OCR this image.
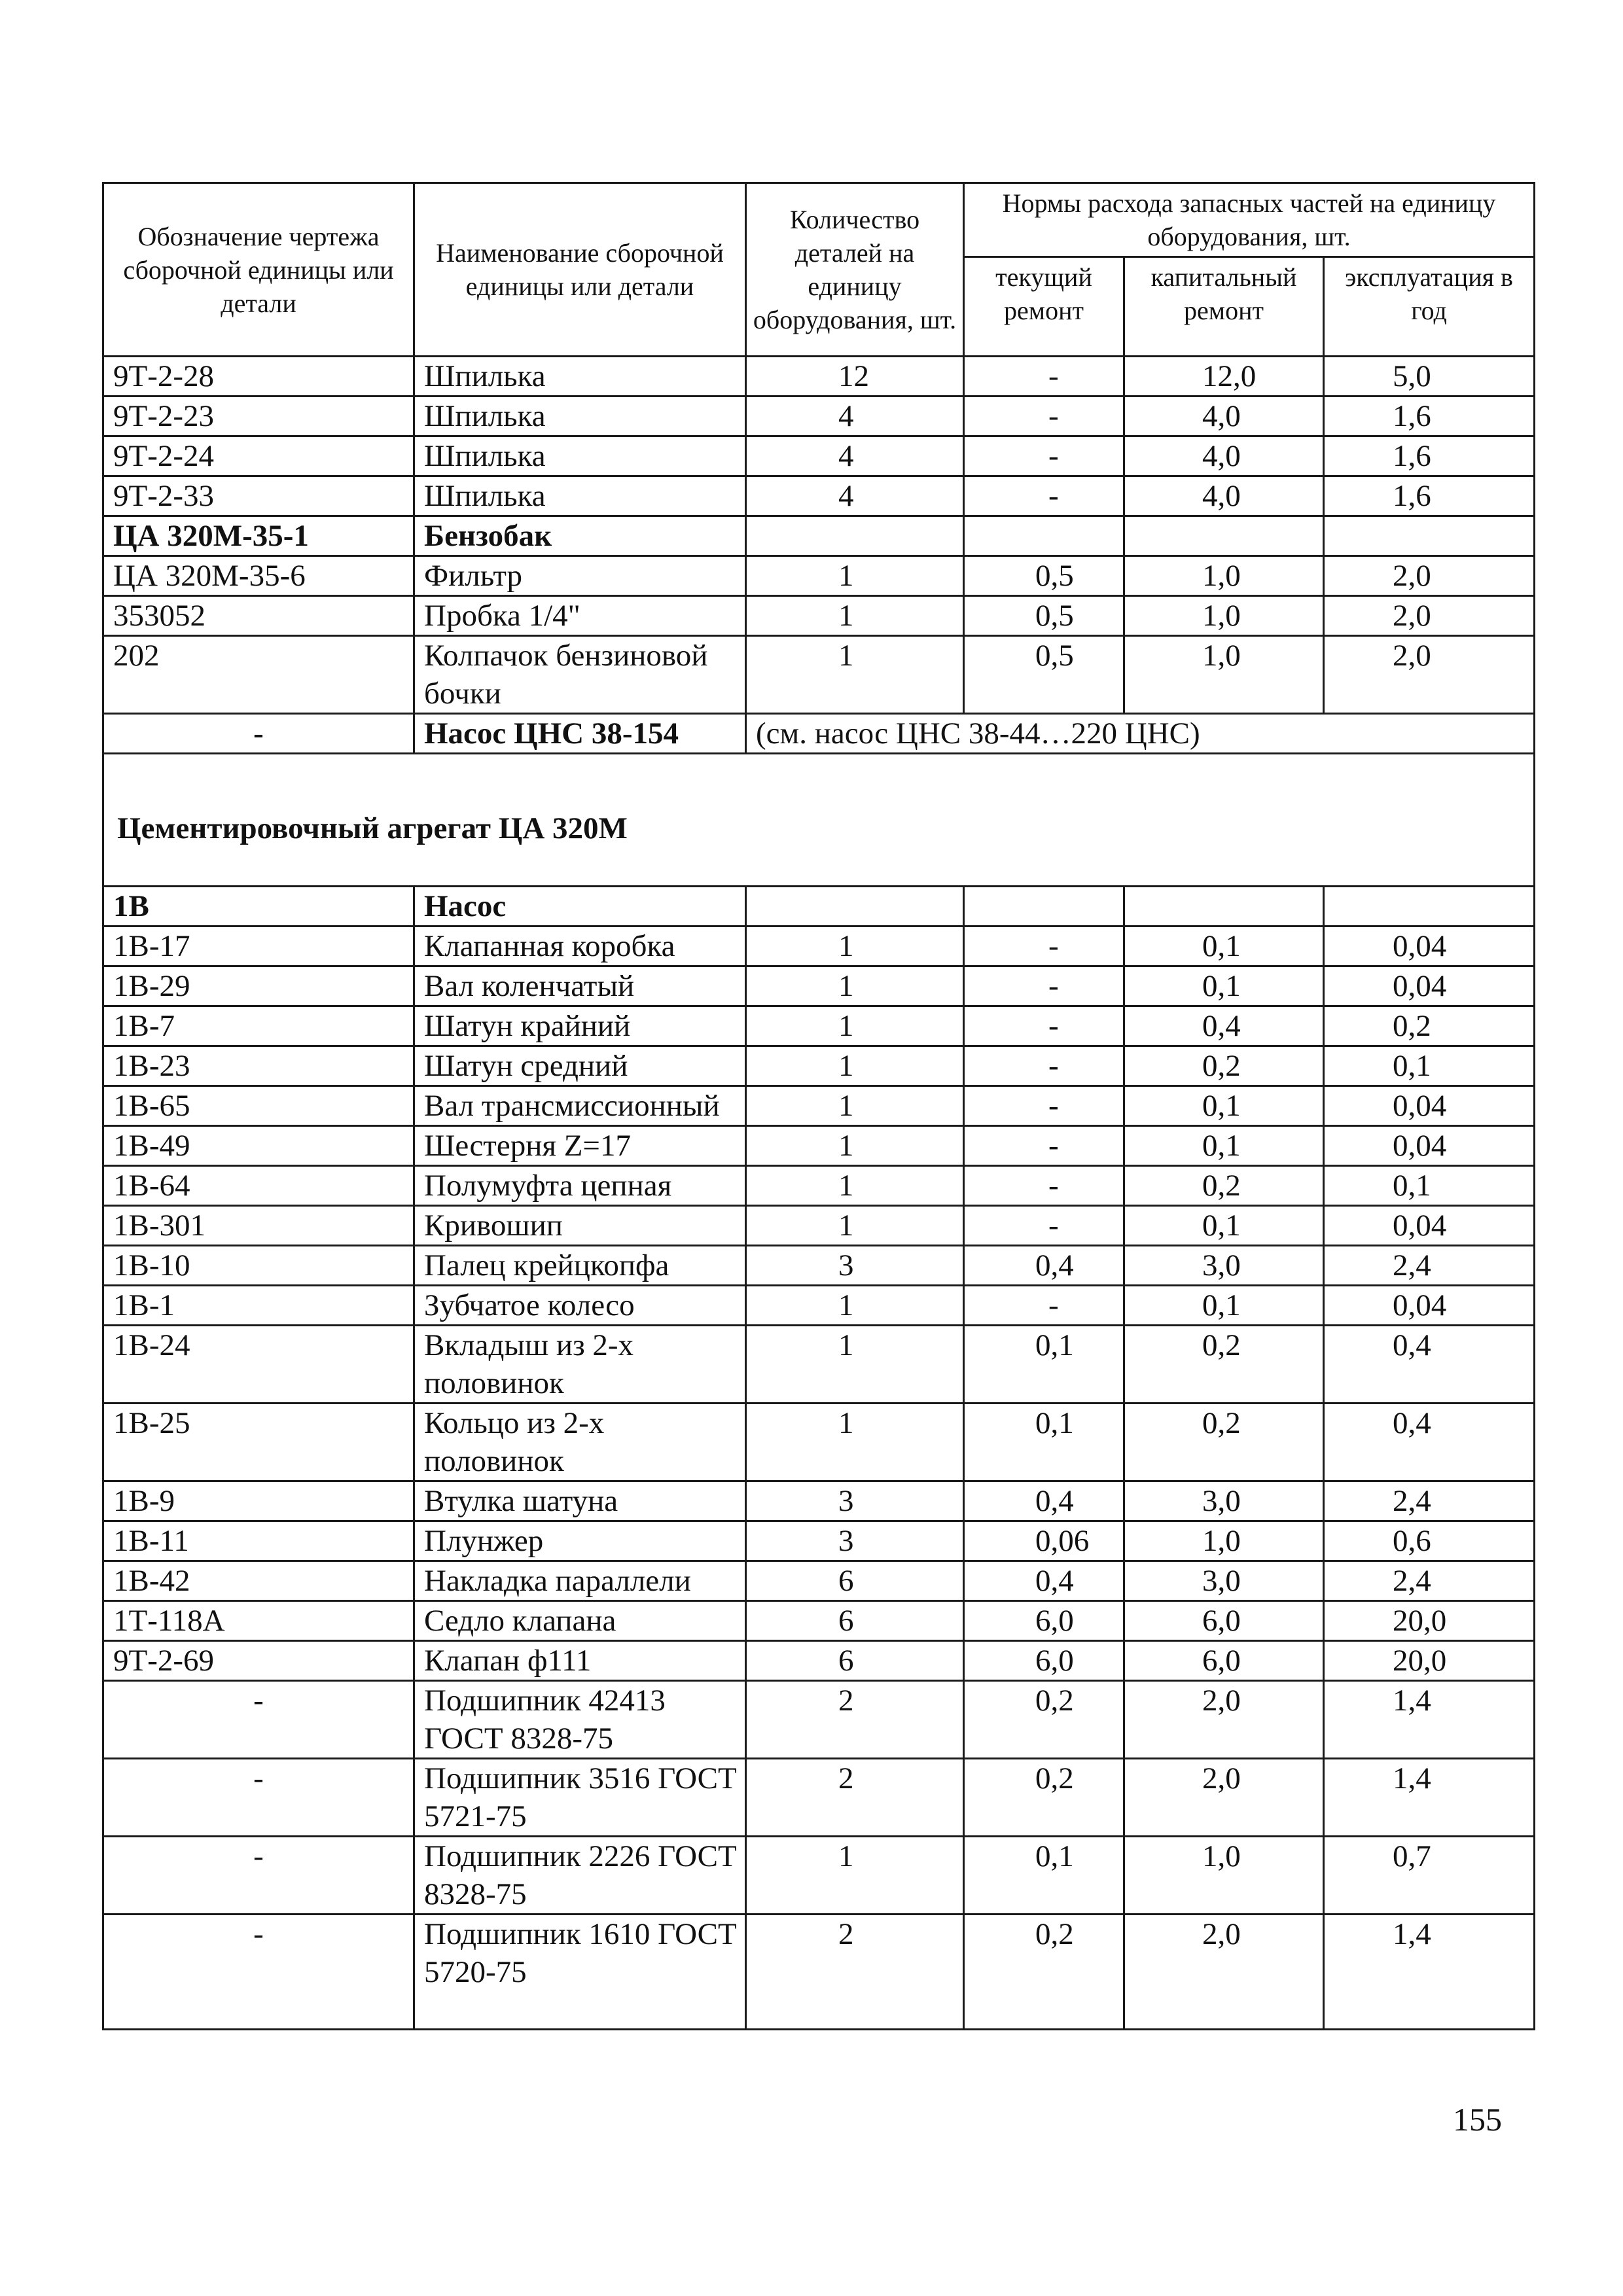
Обозначение чертежа сборочной единицы или детали	Наименование сборочной единицы или детали	Количество деталей на единицу оборудования, шт.	Нормы расхода запасных частей на единицу оборудования, шт.		
			текущий ремонт	капитальный ремонт	эксплуатация в год
9Т-2-28	Шпилька	12	-	12,0	5,0
9Т-2-23	Шпилька	4	-	4,0	1,6
9Т-2-24	Шпилька	4	-	4,0	1,6
9Т-2-33	Шпилька	4	-	4,0	1,6
ЦА 320М-35-1	Бензобак				
ЦА 320М-35-6	Фильтр	1	0,5	1,0	2,0
353052	Пробка 1/4"	1	0,5	1,0	2,0
202	Колпачок бензиновой бочки	1	0,5	1,0	2,0
-	Насос ЦНС 38-154	(см. насос ЦНС 38-44…220 ЦНС)			
Цементировочный агрегат ЦА 320М					
1В	Насос				
1В-17	Клапанная коробка	1	-	0,1	0,04
1В-29	Вал коленчатый	1	-	0,1	0,04
1В-7	Шатун крайний	1	-	0,4	0,2
1В-23	Шатун средний	1	-	0,2	0,1
1В-65	Вал трансмиссионный	1	-	0,1	0,04
1В-49	Шестерня Z=17	1	-	0,1	0,04
1В-64	Полумуфта цепная	1	-	0,2	0,1
1В-301	Кривошип	1	-	0,1	0,04
1В-10	Палец крейцкопфа	3	0,4	3,0	2,4
1В-1	Зубчатое колесо	1	-	0,1	0,04
1В-24	Вкладыш из 2-х половинок	1	0,1	0,2	0,4
1В-25	Кольцо из 2-х половинок	1	0,1	0,2	0,4
1В-9	Втулка шатуна	3	0,4	3,0	2,4
1В-11	Плунжер	3	0,06	1,0	0,6
1В-42	Накладка параллели	6	0,4	3,0	2,4
1Т-118А	Седло клапана	6	6,0	6,0	20,0
9Т-2-69	Клапан ф111	6	6,0	6,0	20,0
-	Подшипник 42413 ГОСТ 8328-75	2	0,2	2,0	1,4
-	Подшипник 3516 ГОСТ 5721-75	2	0,2	2,0	1,4
-	Подшипник 2226 ГОСТ 8328-75	1	0,1	1,0	0,7
-	Подшипник 1610 ГОСТ 5720-75	2	0,2	2,0	1,4
155
